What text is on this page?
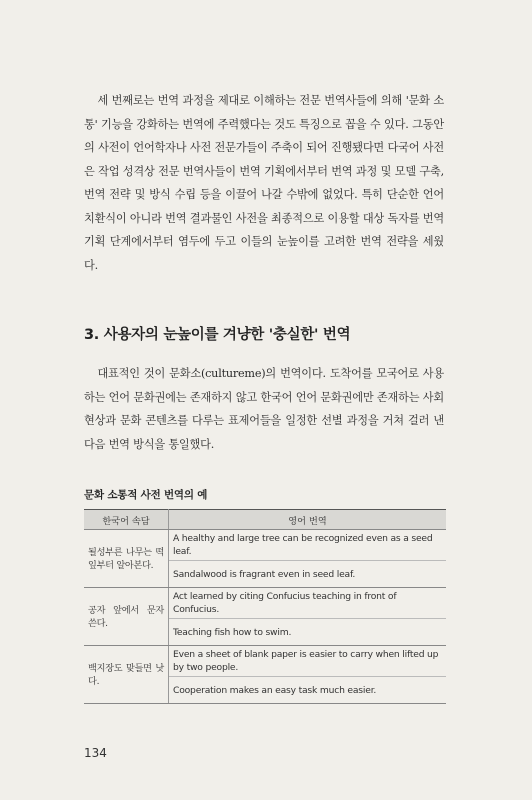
세 번째로는 번역 과정을 제대로 이해하는 전문 번역사들에 의해 '문화 소통' 기능을 강화하는 번역에 주력했다는 것도 특징으로 꼽을 수 있다. 그동안의 사전이 언어학자나 사전 전문가들이 주축이 되어 진행됐다면 다국어 사전은 작업 성격상 전문 번역사들이 번역 기획에서부터 번역 과정 및 모델 구축, 번역 전략 및 방식 수립 등을 이끌어 나갈 수밖에 없었다. 특히 단순한 언어 치환식이 아니라 번역 결과물인 사전을 최종적으로 이용할 대상 독자를 번역 기획 단계에서부터 염두에 두고 이들의 눈높이를 고려한 번역 전략을 세웠다.

3. 사용자의 눈높이를 겨냥한 '충실한' 번역

대표적인 것이 문화소(cultureme)의 번역이다. 도착어를 모국어로 사용하는 언어 문화권에는 존재하지 않고 한국어 언어 문화권에만 존재하는 사회 현상과 문화 콘텐츠를 다루는 표제어들을 일정한 선별 과정을 거쳐 걸러 낸 다음 번역 방식을 통일했다.

문화 소통적 사전 번역의 예

한국어 속담	영어 번역
될성부른 나무는 떡잎부터 알아본다.	A healthy and large tree can be recognized even as a seed leaf.
	Sandalwood is fragrant even in seed leaf.
공자 앞에서 문자 쓴다.	Act learned by citing Confucius teaching in front of Confucius.
	Teaching fish how to swim.
백지장도 맞들면 낫다.	Even a sheet of blank paper is easier to carry when lifted up by two people.
	Cooperation makes an easy task much easier.

134
